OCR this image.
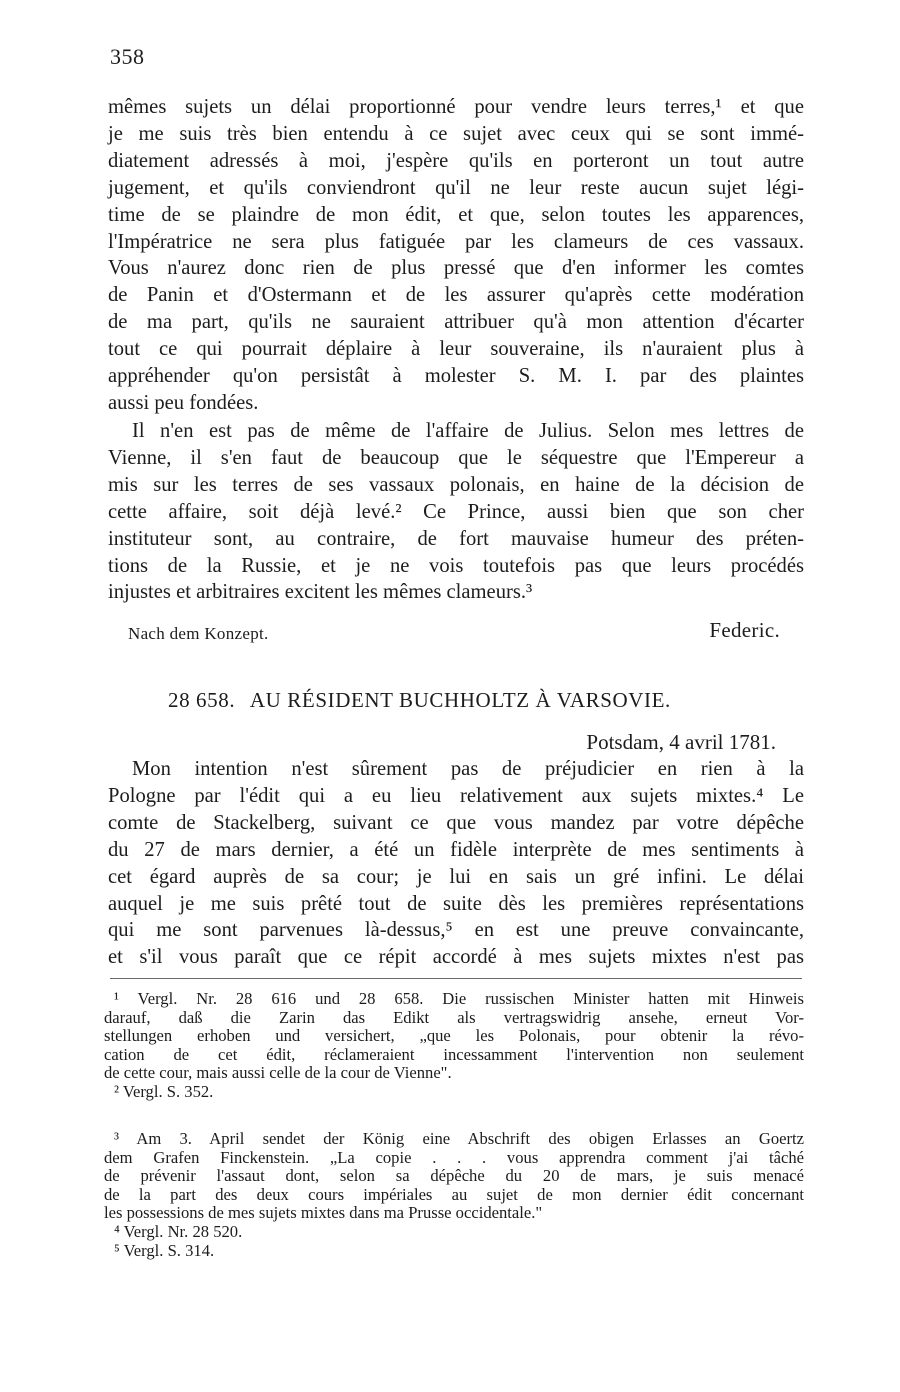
358

mêmes sujets un délai proportionné pour vendre leurs terres,¹ et que

je me suis très bien entendu à ce sujet avec ceux qui se sont immé-

diatement adressés à moi, j'espère qu'ils en porteront un tout autre

jugement, et qu'ils conviendront qu'il ne leur reste aucun sujet légi-

time de se plaindre de mon édit, et que, selon toutes les apparences,

l'Impératrice ne sera plus fatiguée par les clameurs de ces vassaux.

Vous n'aurez donc rien de plus pressé que d'en informer les comtes

de Panin et d'Ostermann et de les assurer qu'après cette modération

de ma part, qu'ils ne sauraient attribuer qu'à mon attention d'écarter

tout ce qui pourrait déplaire à leur souveraine, ils n'auraient plus à

appréhender qu'on persistât à molester S. M. I. par des plaintes

aussi peu fondées.

Il n'en est pas de même de l'affaire de Julius. Selon mes lettres de

Vienne, il s'en faut de beaucoup que le séquestre que l'Empereur a

mis sur les terres de ses vassaux polonais, en haine de la décision de

cette affaire, soit déjà levé.² Ce Prince, aussi bien que son cher

instituteur sont, au contraire, de fort mauvaise humeur des préten-

tions de la Russie, et je ne vois toutefois pas que leurs procédés

injustes et arbitraires excitent les mêmes clameurs.³

Nach dem Konzept.	Federic.
28 658. AU RÉSIDENT BUCHHOLTZ À VARSOVIE.
Potsdam, 4 avril 1781.

Mon intention n'est sûrement pas de préjudicier en rien à la

Pologne par l'édit qui a eu lieu relativement aux sujets mixtes.⁴ Le

comte de Stackelberg, suivant ce que vous mandez par votre dépêche

du 27 de mars dernier, a été un fidèle interprète de mes sentiments à

cet égard auprès de sa cour; je lui en sais un gré infini. Le délai

auquel je me suis prêté tout de suite dès les premières représentations

qui me sont parvenues là-dessus,⁵ en est une preuve convaincante,

et s'il vous paraît que ce répit accordé à mes sujets mixtes n'est pas

¹ Vergl. Nr. 28 616 und 28 658. Die russischen Minister hatten mit Hinweis

darauf, daß die Zarin das Edikt als vertragswidrig ansehe, erneut Vor-

stellungen erhoben und versichert, „que les Polonais, pour obtenir la révo-

cation de cet édit, réclameraient incessamment l'intervention non seulement

de cette cour, mais aussi celle de la cour de Vienne".

² Vergl. S. 352.

³ Am 3. April sendet der König eine Abschrift des obigen Erlasses an Goertz

dem Grafen Finckenstein. „La copie . . . vous apprendra comment j'ai tâché

de prévenir l'assaut dont, selon sa dépêche du 20 de mars, je suis menacé

de la part des deux cours impériales au sujet de mon dernier édit concernant

les possessions de mes sujets mixtes dans ma Prusse occidentale."

⁴ Vergl. Nr. 28 520.

⁵ Vergl. S. 314.
